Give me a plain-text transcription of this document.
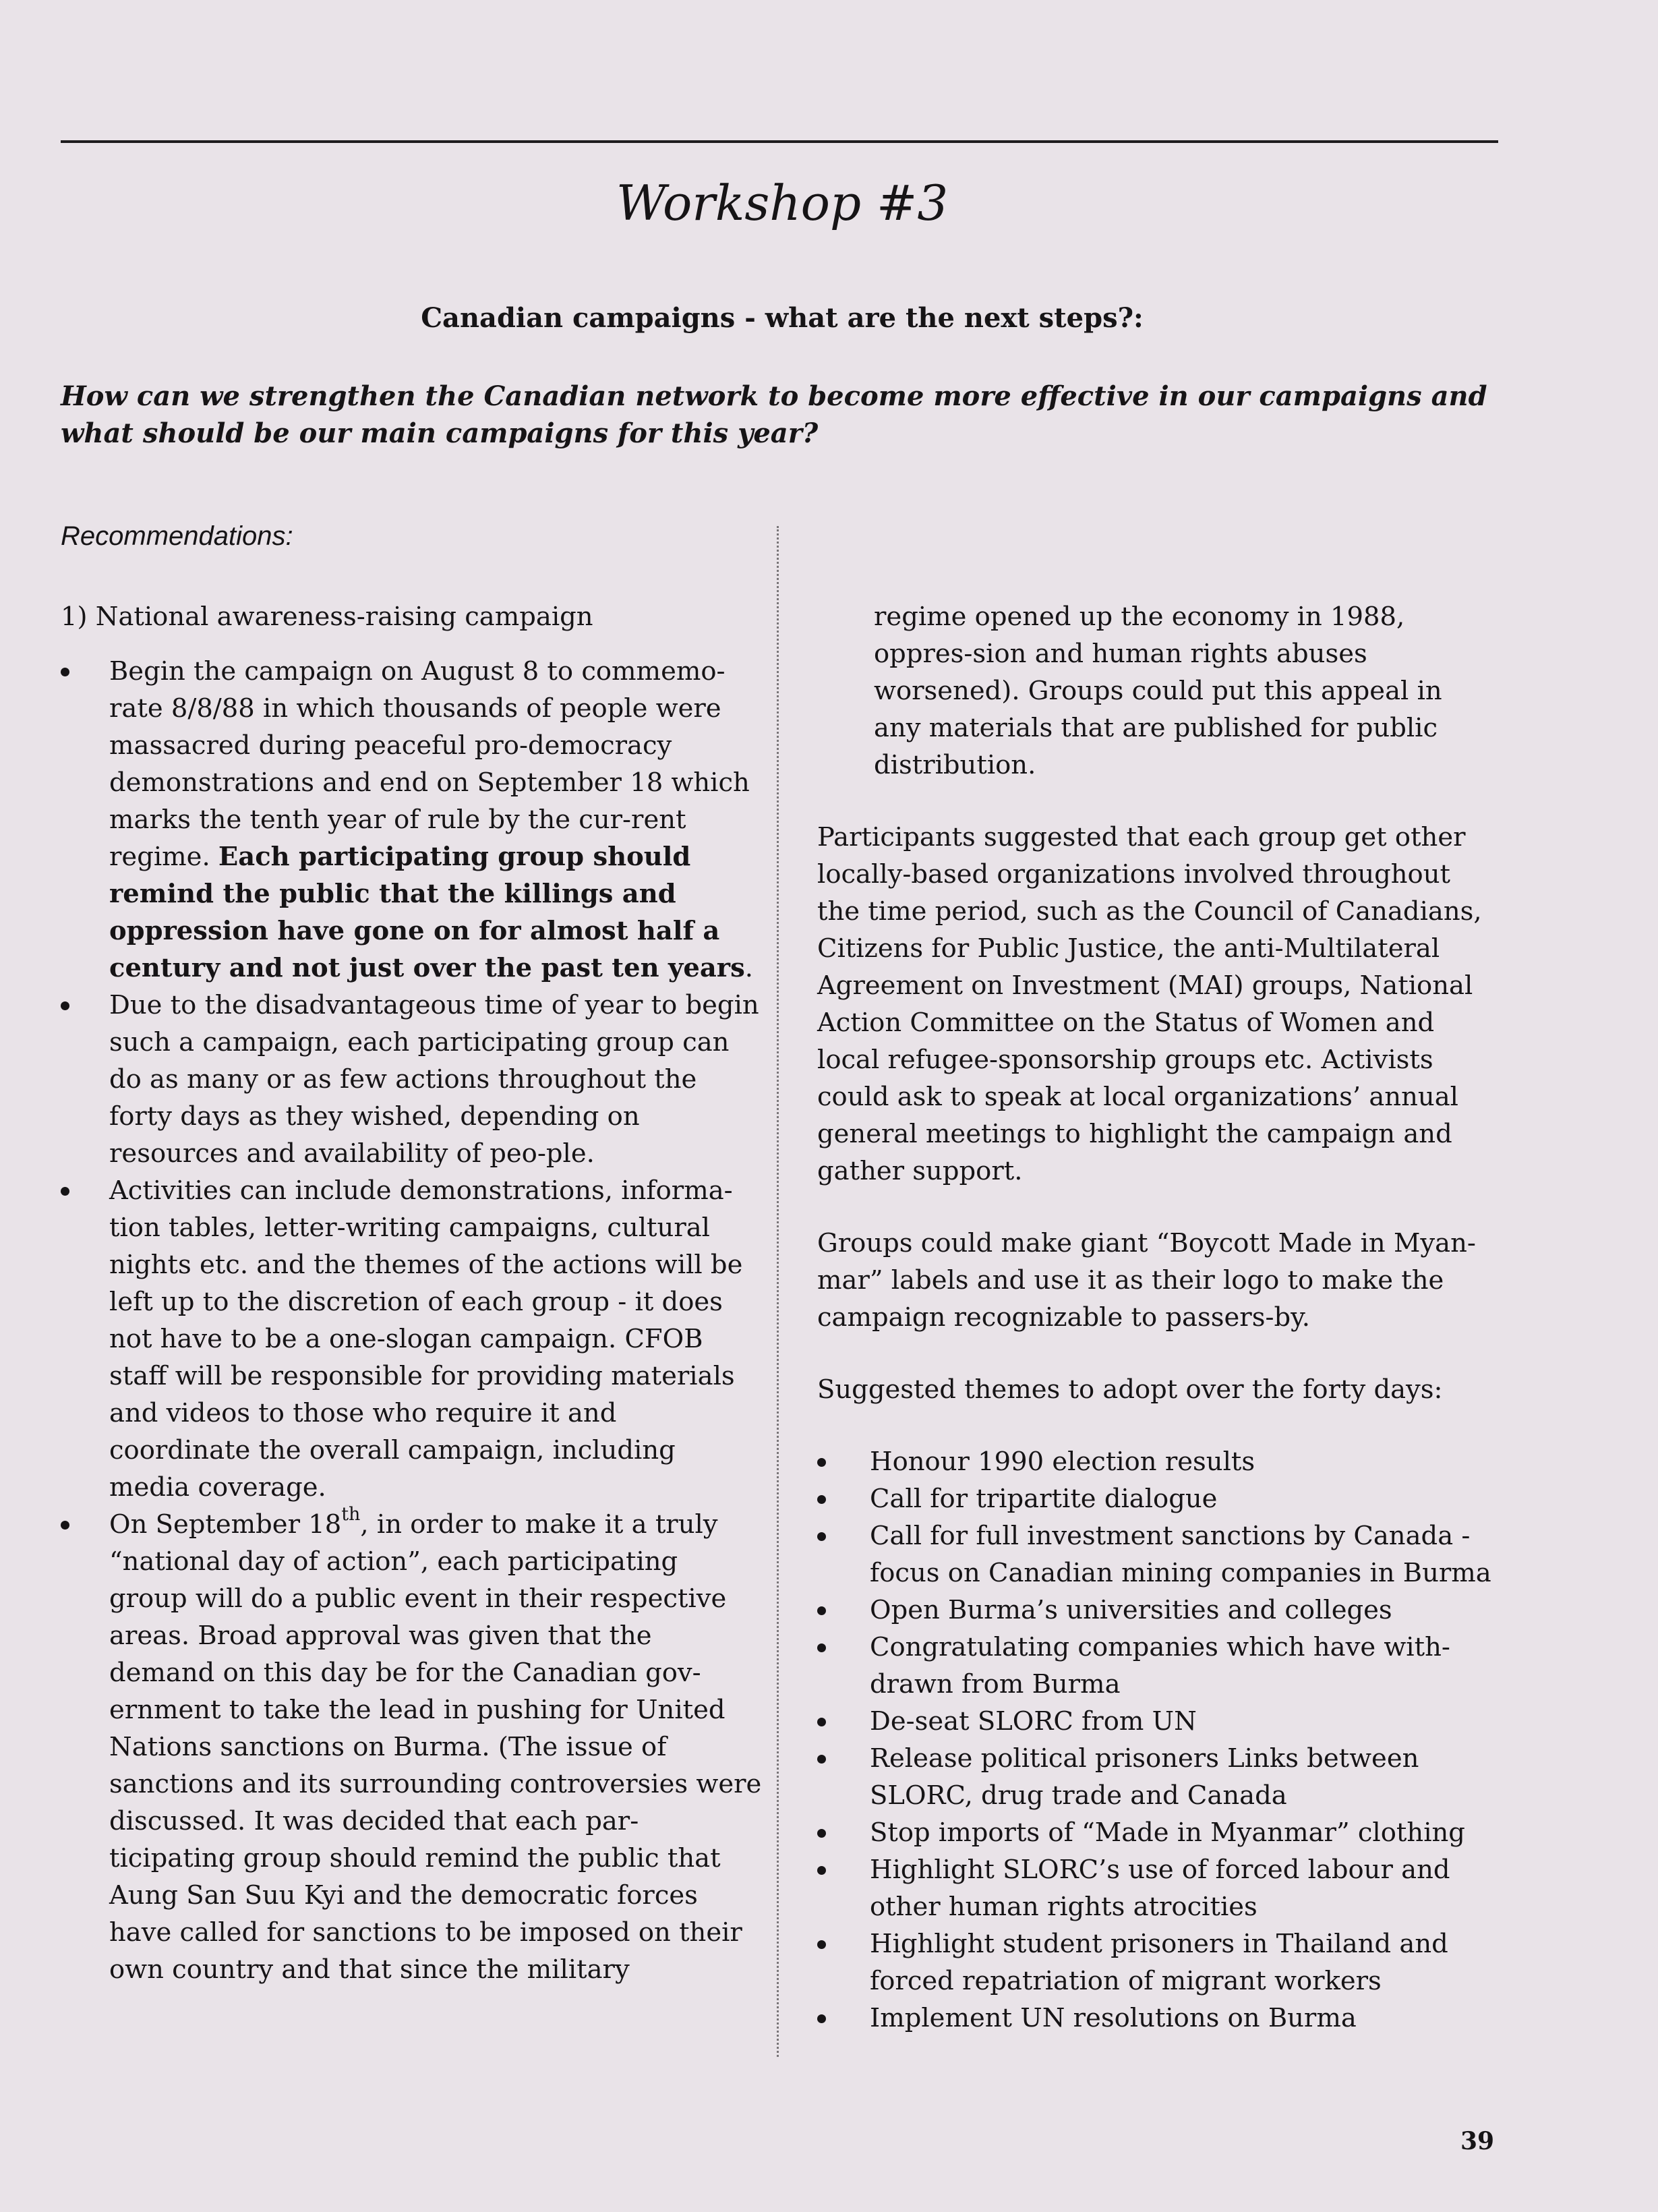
Workshop #3
Canadian campaigns - what are the next steps?:
How can we strengthen the Canadian network to become more effective in our campaigns and what should be our main campaigns for this year?
Recommendations:

1) National awareness-raising campaign

Begin the campaign on August 8 to commemo-rate 8/8/88 in which thousands of people were massacred during peaceful pro-democracy demonstrations and end on September 18 which marks the tenth year of rule by the cur-rent regime. Each participating group should remind the public that the killings and oppression have gone on for almost half a century and not just over the past ten years.
Due to the disadvantageous time of year to begin such a campaign, each participating group can do as many or as few actions throughout the forty days as they wished, depending on resources and availability of peo-ple.
Activities can include demonstrations, informa-tion tables, letter-writing campaigns, cultural nights etc. and the themes of the actions will be left up to the discretion of each group - it does not have to be a one-slogan campaign. CFOB staff will be responsible for providing materials and videos to those who require it and coordinate the overall campaign, including media coverage.
On September 18th, in order to make it a truly “national day of action”, each participating group will do a public event in their respective areas. Broad approval was given that the demand on this day be for the Canadian gov-ernment to take the lead in pushing for United Nations sanctions on Burma. (The issue of sanctions and its surrounding controversies were discussed. It was decided that each par-ticipating group should remind the public that Aung San Suu Kyi and the democratic forces have called for sanctions to be imposed on their own country and that since the military

regime opened up the economy in 1988, oppres-sion and human rights abuses worsened). Groups could put this appeal in any materials that are published for public distribution.

Participants suggested that each group get other locally-based organizations involved throughout the time period, such as the Council of Canadians, Citizens for Public Justice, the anti-Multilateral Agreement on Investment (MAI) groups, National Action Committee on the Status of Women and local refugee-sponsorship groups etc. Activists could ask to speak at local organizations’ annual general meetings to highlight the campaign and gather support.

Groups could make giant “Boycott Made in Myan-mar” labels and use it as their logo to make the campaign recognizable to passers-by.

Suggested themes to adopt over the forty days:

Honour 1990 election results
Call for tripartite dialogue
Call for full investment sanctions by Canada - focus on Canadian mining companies in Burma
Open Burma’s universities and colleges
Congratulating companies which have with-drawn from Burma
De-seat SLORC from UN
Release political prisoners Links between SLORC, drug trade and Canada
Stop imports of “Made in Myanmar” clothing
Highlight SLORC’s use of forced labour and other human rights atrocities
Highlight student prisoners in Thailand and forced repatriation of migrant workers
Implement UN resolutions on Burma
39
